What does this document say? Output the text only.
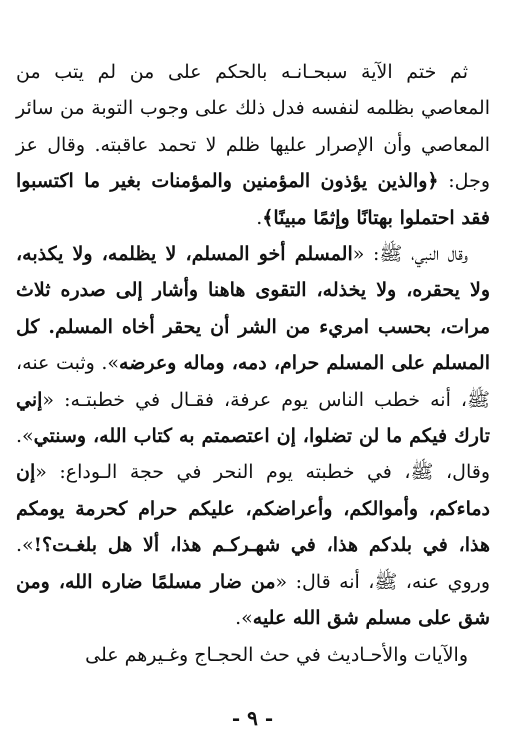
ثم ختم الآية سبحـانـه بالحكم على من لم يتب من المعاصي بظلمه لنفسه فدل ذلك على وجوب التوبة من سائر المعاصي وأن الإصرار عليها ظلم لا تحمد عاقبته. وقال عز وجل: ﴿والذين يؤذون المؤمنين والمؤمنات بغير ما اكتسبوا فقد احتملوا بهتانًا وإثمًا مبينًا﴾.

وقال النبي، ﷺ: «المسلم أخو المسلم، لا يظلمه، ولا يكذبه، ولا يحقره، ولا يخذله، التقوى هاهنا وأشار إلى صدره ثلاث مرات، بحسب امريء من الشر أن يحقر أخاه المسلم. كل المسلم على المسلم حرام، دمه، وماله وعرضه». وثبت عنه، ﷺ، أنه خطب الناس يوم عرفة، فقـال في خطبتـه: «إني تارك فيكم ما لن تضلوا، إن اعتصمتم به كتاب الله، وسنتي». وقال، ﷺ، في خطبته يوم النحر في حجة الـوداع: «إن دماءكم، وأموالكم، وأعراضكم، عليكم حرام كحرمة يومكم هذا، في بلدكم هذا، في شهـركـم هذا، ألا هل بلغـت؟!». وروي عنه، ﷺ، أنه قال: «من ضار مسلمًا ضاره الله، ومن شق على مسلم شق الله عليه».

والآيات والأحـاديث في حث الحجـاج وغـيرهم على

- ٩ -
